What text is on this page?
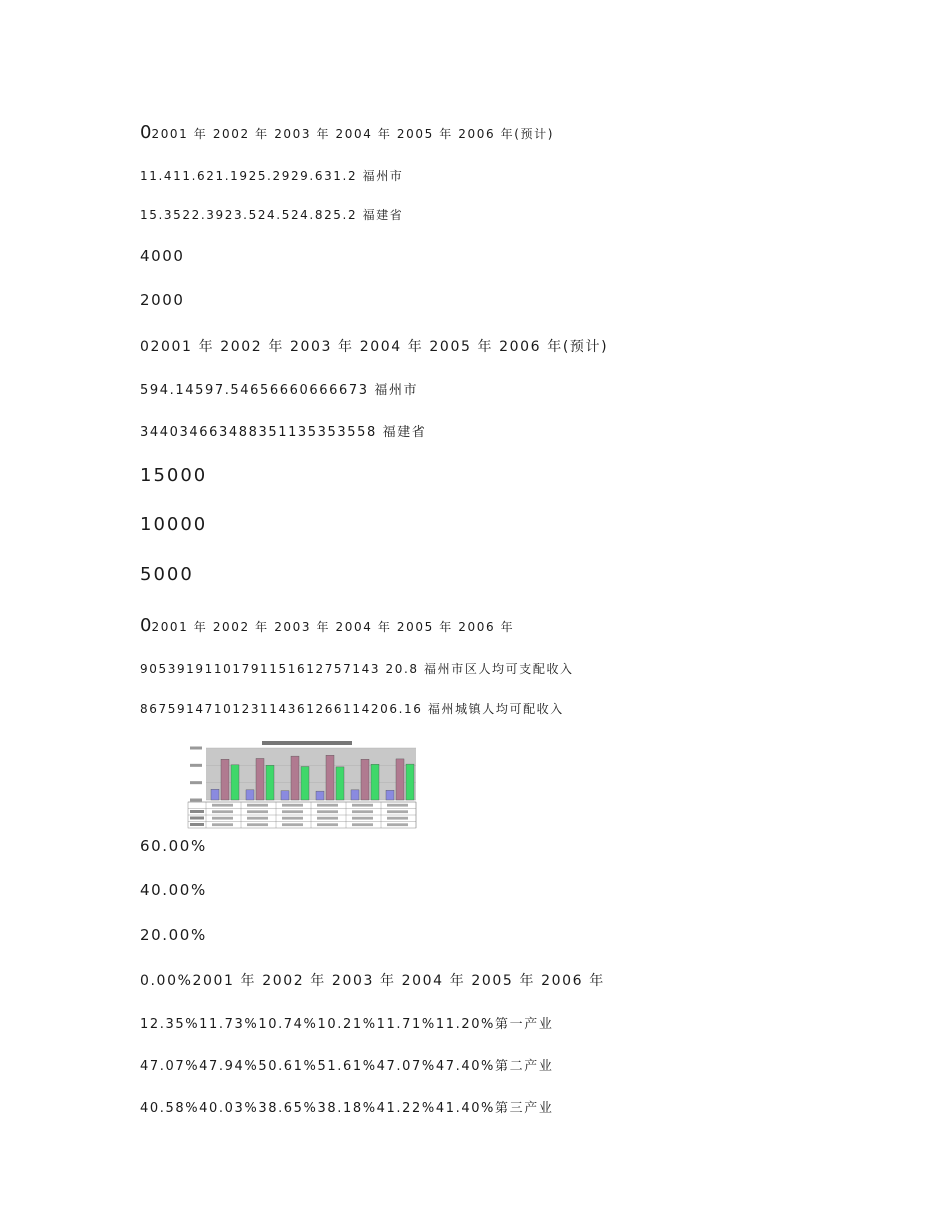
02001 年 2002 年 2003 年 2004 年 2005 年 2006 年(预计)

11.411.621.1925.2929.631.2 福州市

15.3522.3923.524.524.825.2 福建省

4000

2000

02001 年 2002 年 2003 年 2004 年 2005 年 2006 年(预计)

594.14597.54656660666673 福州市

344034663488351135353558 福建省

15000

10000

5000

02001 年 2002 年 2003 年 2004 年 2005 年 2006 年

90539191101791151612757143 20.8 福州市区人均可支配收入

8675914710123114361266114206.16 福州城镇人均可配收入

60.00%

40.00%

20.00%

0.00%2001 年 2002 年 2003 年 2004 年 2005 年 2006 年

12.35%11.73%10.74%10.21%11.71%11.20%第一产业

47.07%47.94%50.61%51.61%47.07%47.40%第二产业

40.58%40.03%38.65%38.18%41.22%41.40%第三产业
